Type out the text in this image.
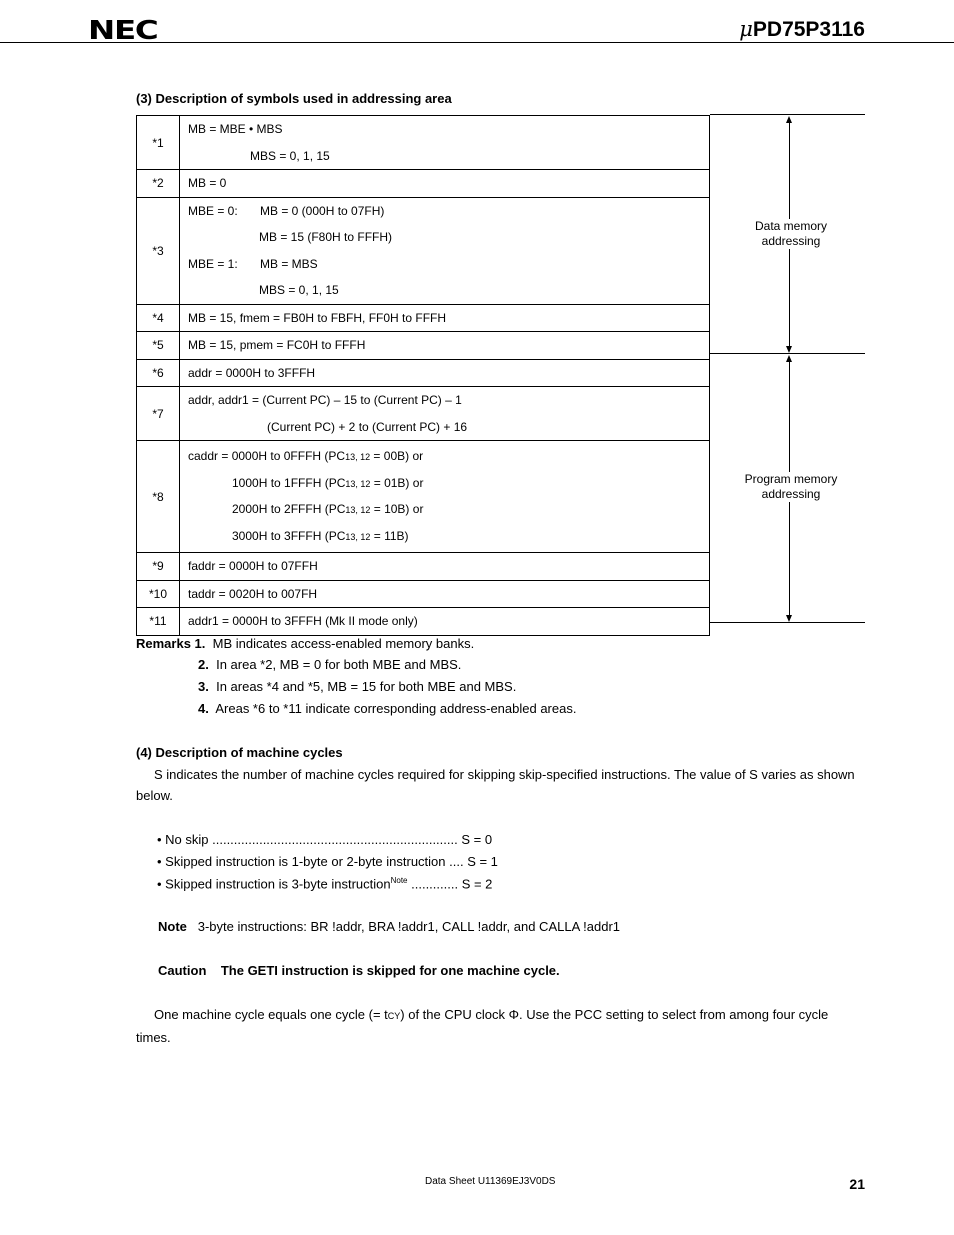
NEC	μPD75P3116
(3) Description of symbols used in addressing area
*1	MB = MBE • MBS
MBS = 0, 1, 15

*2	MB = 0

*3	MBE = 0: MB = 0 (000H to 07FH)
MB = 15 (F80H to FFFH)
MBE = 1: MB = MBS
MBS = 0, 1, 15

*4	MB = 15, fmem = FB0H to FBFH, FF0H to FFFH

*5	MB = 15, pmem = FC0H to FFFH

*6	addr = 0000H to 3FFFH

*7	addr, addr1 = (Current PC) – 15 to (Current PC) – 1
(Current PC) + 2 to (Current PC) + 16

*8	caddr = 0000H to 0FFFH (PC13, 12 = 00B) or
1000H to 1FFFH (PC13, 12 = 01B) or
2000H to 2FFFH (PC13, 12 = 10B) or
3000H to 3FFFH (PC13, 12 = 11B)

*9	faddr = 0000H to 07FFH

*10	taddr = 0020H to 007FH

*11	addr1 = 0000H to 3FFFH (Mk II mode only)
Data memory addressing
Program memory addressing
Remarks 1. MB indicates access-enabled memory banks.
2. In area *2, MB = 0 for both MBE and MBS.
3. In areas *4 and *5, MB = 15 for both MBE and MBS.
4. Areas *6 to *11 indicate corresponding address-enabled areas.
(4) Description of machine cycles
S indicates the number of machine cycles required for skipping skip-specified instructions. The value of S varies as shown below.
• No skip .................................................................... S = 0
• Skipped instruction is 1-byte or 2-byte instruction .... S = 1
• Skipped instruction is 3-byte instruction$^{Note}$ ............. S = 2
Note 3-byte instructions: BR !addr, BRA !addr1, CALL !addr, and CALLA !addr1
Caution The GETI instruction is skipped for one machine cycle.
One machine cycle equals one cycle (= tCY) of the CPU clock Φ. Use the PCC setting to select from among four cycle times.
Data Sheet U11369EJ3V0DS	21
